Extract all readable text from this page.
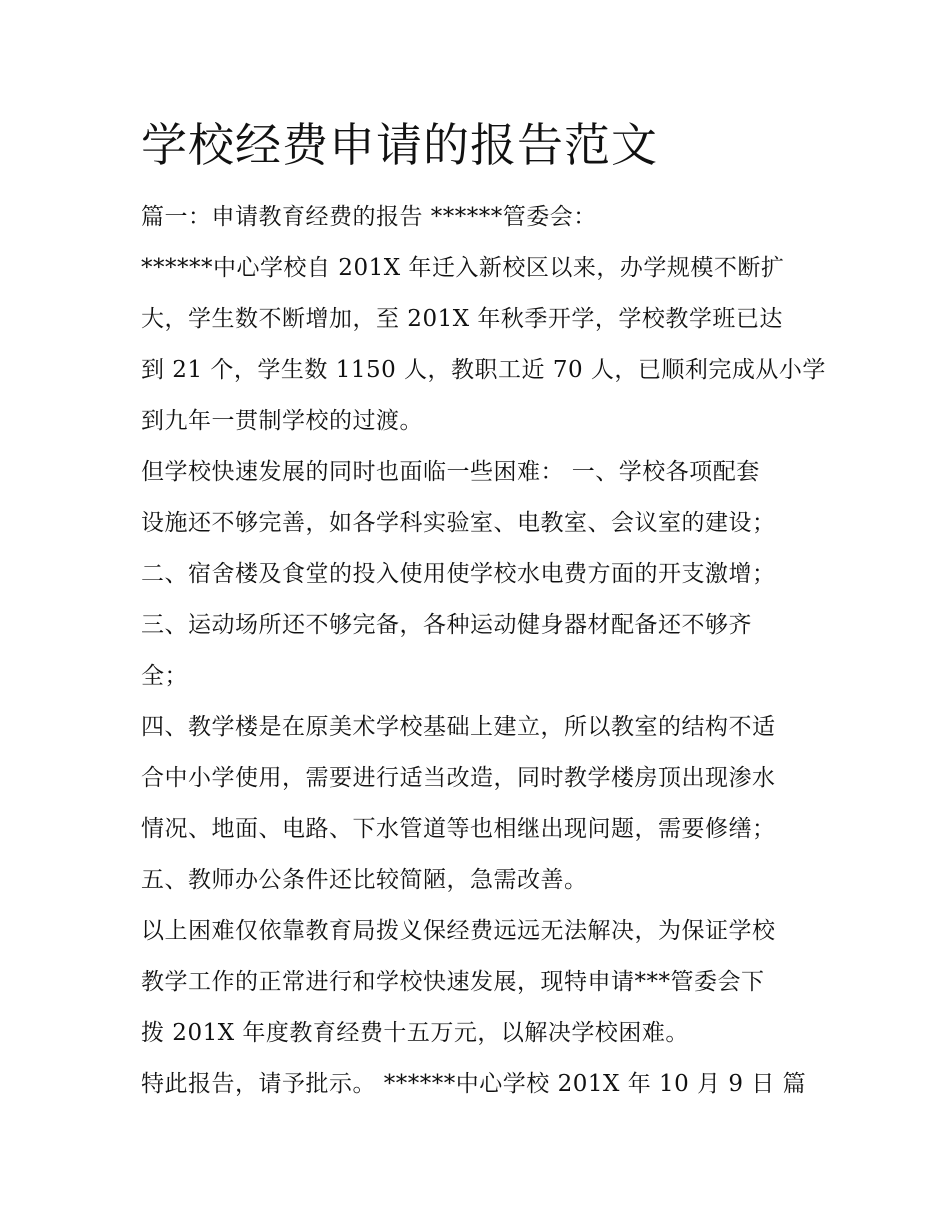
学校经费申请的报告范文

篇一：申请教育经费的报告 ******管委会：

******中心学校自 201X 年迁入新校区以来，办学规模不断扩

大，学生数不断增加，至 201X 年秋季开学，学校教学班已达

到 21 个，学生数 1150 人，教职工近 70 人，已顺利完成从小学

到九年一贯制学校的过渡。

但学校快速发展的同时也面临一些困难： 一、学校各项配套

设施还不够完善，如各学科实验室、电教室、会议室的建设；

二、宿舍楼及食堂的投入使用使学校水电费方面的开支激增；

三、运动场所还不够完备，各种运动健身器材配备还不够齐

全；

四、教学楼是在原美术学校基础上建立，所以教室的结构不适

合中小学使用，需要进行适当改造，同时教学楼房顶出现渗水

情况、地面、电路、下水管道等也相继出现问题，需要修缮；

五、教师办公条件还比较简陋，急需改善。

以上困难仅依靠教育局拨义保经费远远无法解决，为保证学校

教学工作的正常进行和学校快速发展，现特申请***管委会下

拨 201X 年度教育经费十五万元，以解决学校困难。

特此报告，请予批示。 ******中心学校 201X 年 10 月 9 日 篇
